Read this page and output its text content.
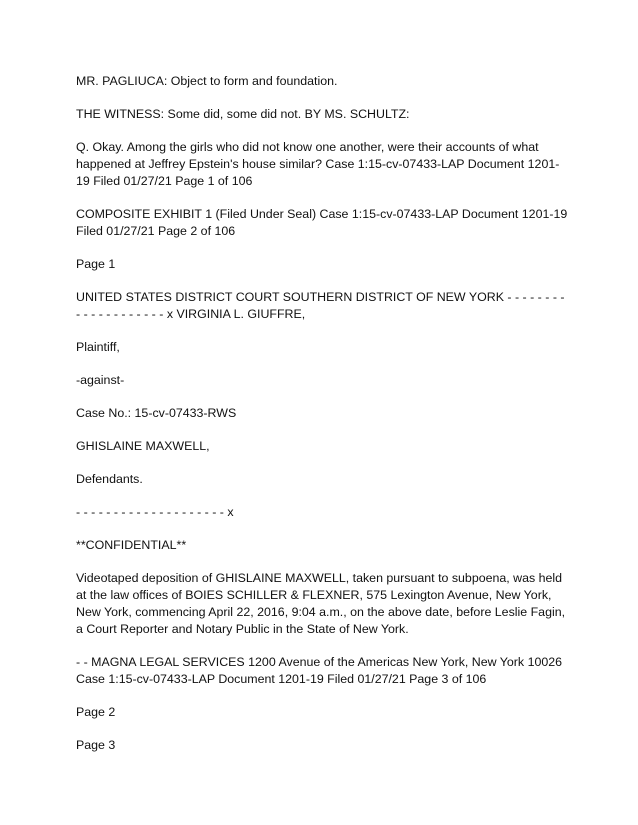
MR. PAGLIUCA: Object to form and foundation.

THE WITNESS: Some did, some did not. BY MS. SCHULTZ:

Q. Okay. Among the girls who did not know one another, were their accounts of what happened at Jeffrey Epstein's house similar? Case 1:15-cv-07433-LAP Document 1201-19 Filed 01/27/21 Page 1 of 106

COMPOSITE EXHIBIT 1 (Filed Under Seal) Case 1:15-cv-07433-LAP Document 1201-19 Filed 01/27/21 Page 2 of 106

Page 1

UNITED STATES DISTRICT COURT SOUTHERN DISTRICT OF NEW YORK - - - - - - - - - - - - - - - - - - - - x VIRGINIA L. GIUFFRE,

Plaintiff,

-against-

Case No.: 15-cv-07433-RWS

GHISLAINE MAXWELL,

Defendants.

- - - - - - - - - - - - - - - - - - - - x

**CONFIDENTIAL**

Videotaped deposition of GHISLAINE MAXWELL, taken pursuant to subpoena, was held at the law offices of BOIES SCHILLER & FLEXNER, 575 Lexington Avenue, New York, New York, commencing April 22, 2016, 9:04 a.m., on the above date, before Leslie Fagin, a Court Reporter and Notary Public in the State of New York.

- - MAGNA LEGAL SERVICES 1200 Avenue of the Americas New York, New York 10026 Case 1:15-cv-07433-LAP Document 1201-19 Filed 01/27/21 Page 3 of 106

Page 2

Page 3
